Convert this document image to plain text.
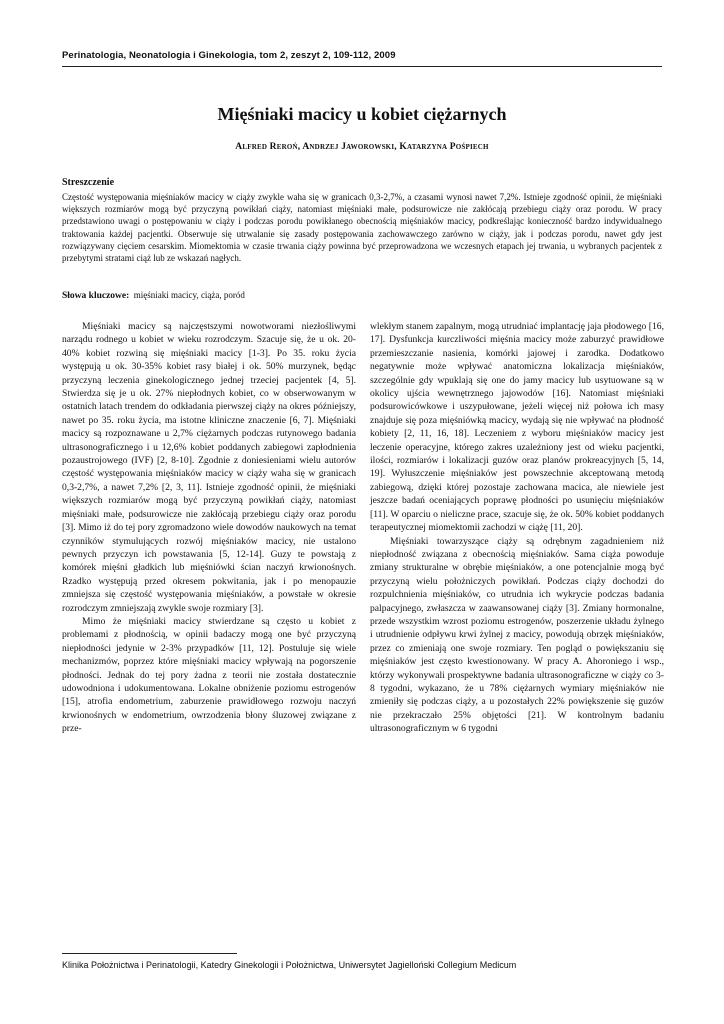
Perinatologia, Neonatologia i Ginekologia, tom 2, zeszyt 2, 109-112, 2009
Mięśniaki macicy u kobiet ciężarnych
Alfred Reroń, Andrzej Jaworowski, Katarzyna Pośpiech
Streszczenie
Częstość występowania mięśniaków macicy w ciąży zwykle waha się w granicach 0,3-2,7%, a czasami wynosi nawet 7,2%. Istnieje zgodność opinii, że mięśniaki większych rozmiarów mogą być przyczyną powikłań ciąży, natomiast mięśniaki małe, podsurowicze nie zakłócają przebiegu ciąży oraz porodu. W pracy przedstawiono uwagi o postępowaniu w ciąży i podczas porodu powikłanego obecnością mięśniaków macicy, podkreślając konieczność bardzo indywidualnego traktowania każdej pacjentki. Obserwuje się utrwalanie się zasady postępowania zachowawczego zarówno w ciąży, jak i podczas porodu, nawet gdy jest rozwiązywany cięciem cesarskim. Miomektomia w czasie trwania ciąży powinna być przeprowadzona we wczesnych etapach jej trwania, u wybranych pacjentek z przebytymi stratami ciąż lub ze wskazań nagłych.
Słowa kluczowe: mięśniaki macicy, ciąża, poród

Mięśniaki macicy są najczęstszymi nowotworami niezłośliwymi narządu rodnego u kobiet w wieku rozrodczym. Szacuje się, że u ok. 20-40% kobiet rozwiną się mięśniaki macicy [1-3]. Po 35. roku życia występują u ok. 30-35% kobiet rasy białej i ok. 50% murzynek, będąc przyczyną leczenia ginekologicznego jednej trzeciej pacjentek [4, 5]. Stwierdza się je u ok. 27% niepłodnych kobiet, co w obserwowanym w ostatnich latach trendem do odkładania pierwszej ciąży na okres późniejszy, nawet po 35. roku życia, ma istotne kliniczne znaczenie [6, 7]. Mięśniaki macicy są rozpoznawane u 2,7% ciężarnych podczas rutynowego badania ultrasonograficznego i u 12,6% kobiet poddanych zabiegowi zapłodnienia pozaustrojowego (IVF) [2, 8-10]. Zgodnie z doniesieniami wielu autorów częstość występowania mięśniaków macicy w ciąży waha się w granicach 0,3-2,7%, a nawet 7,2% [2, 3, 11]. Istnieje zgodność opinii, że mięśniaki większych rozmiarów mogą być przyczyną powikłań ciąży, natomiast mięśniaki małe, podsurowicze nie zakłócają przebiegu ciąży oraz porodu [3]. Mimo iż do tej pory zgromadzono wiele dowodów naukowych na temat czynników stymulujących rozwój mięśniaków macicy, nie ustalono pewnych przyczyn ich powstawania [5, 12-14]. Guzy te powstają z komórek mięśni gładkich lub mięśniówki ścian naczyń krwionośnych. Rzadko występują przed okresem pokwitania, jak i po menopauzie zmniejsza się częstość występowania mięśniaków, a powstałe w okresie rozrodczym zmniejszają zwykle swoje rozmiary [3].

Mimo że mięśniaki macicy stwierdzane są często u kobiet z problemami z płodnością, w opinii badaczy mogą one być przyczyną niepłodności jedynie w 2-3% przypadków [11, 12]. Postuluje się wiele mechanizmów, poprzez które mięśniaki macicy wpływają na pogorszenie płodności. Jednak do tej pory żadna z teorii nie została dostatecznie udowodniona i udokumentowana. Lokalne obniżenie poziomu estrogenów [15], atrofia endometrium, zaburzenie prawidłowego rozwoju naczyń krwionośnych w endometrium, owrzodzenia błony śluzowej związane z prze-

wlekłym stanem zapalnym, mogą utrudniać implantację jaja płodowego [16, 17]. Dysfunkcja kurczliwości mięśnia macicy może zaburzyć prawidłowe przemieszczanie nasienia, komórki jajowej i zarodka. Dodatkowo negatywnie może wpływać anatomiczna lokalizacja mięśniaków, szczególnie gdy wpuklają się one do jamy macicy lub usytuowane są w okolicy ujścia wewnętrznego jajowodów [16]. Natomiast mięśniaki podsurowicówkowe i uszypułowane, jeżeli więcej niż połowa ich masy znajduje się poza mięśniówką macicy, wydają się nie wpływać na płodność kobiety [2, 11, 16, 18]. Leczeniem z wyboru mięśniaków macicy jest leczenie operacyjne, którego zakres uzależniony jest od wieku pacjentki, ilości, rozmiarów i lokalizacji guzów oraz planów prokreacyjnych [5, 14, 19]. Wyłuszczenie mięśniaków jest powszechnie akceptowaną metodą zabiegową, dzięki której pozostaje zachowana macica, ale niewiele jest jeszcze badań oceniających poprawę płodności po usunięciu mięśniaków [11]. W oparciu o nieliczne prace, szacuje się, że ok. 50% kobiet poddanych terapeutycznej miomektomii zachodzi w ciążę [11, 20].

Mięśniaki towarzyszące ciąży są odrębnym zagadnieniem niż niepłodność związana z obecnością mięśniaków. Sama ciąża powoduje zmiany strukturalne w obrębie mięśniaków, a one potencjalnie mogą być przyczyną wielu położniczych powikłań. Podczas ciąży dochodzi do rozpulchnienia mięśniaków, co utrudnia ich wykrycie podczas badania palpacyjnego, zwłaszcza w zaawansowanej ciąży [3]. Zmiany hormonalne, przede wszystkim wzrost poziomu estrogenów, poszerzenie układu żylnego i utrudnienie odpływu krwi żylnej z macicy, powodują obrzęk mięśniaków, przez co zmieniają one swoje rozmiary. Ten pogląd o powiększaniu się mięśniaków jest często kwestionowany. W pracy A. Ahoroniego i wsp., którzy wykonywali prospektywne badania ultrasonograficzne w ciąży co 3-8 tygodni, wykazano, że u 78% ciężarnych wymiary mięśniaków nie zmieniły się podczas ciąży, a u pozostałych 22% powiększenie się guzów nie przekraczało 25% objętości [21]. W kontrolnym badaniu ultrasonograficznym w 6 tygodni

Klinika Położnictwa i Perinatologii, Katedry Ginekologii i Położnictwa, Uniwersytet Jagielloński Collegium Medicum
